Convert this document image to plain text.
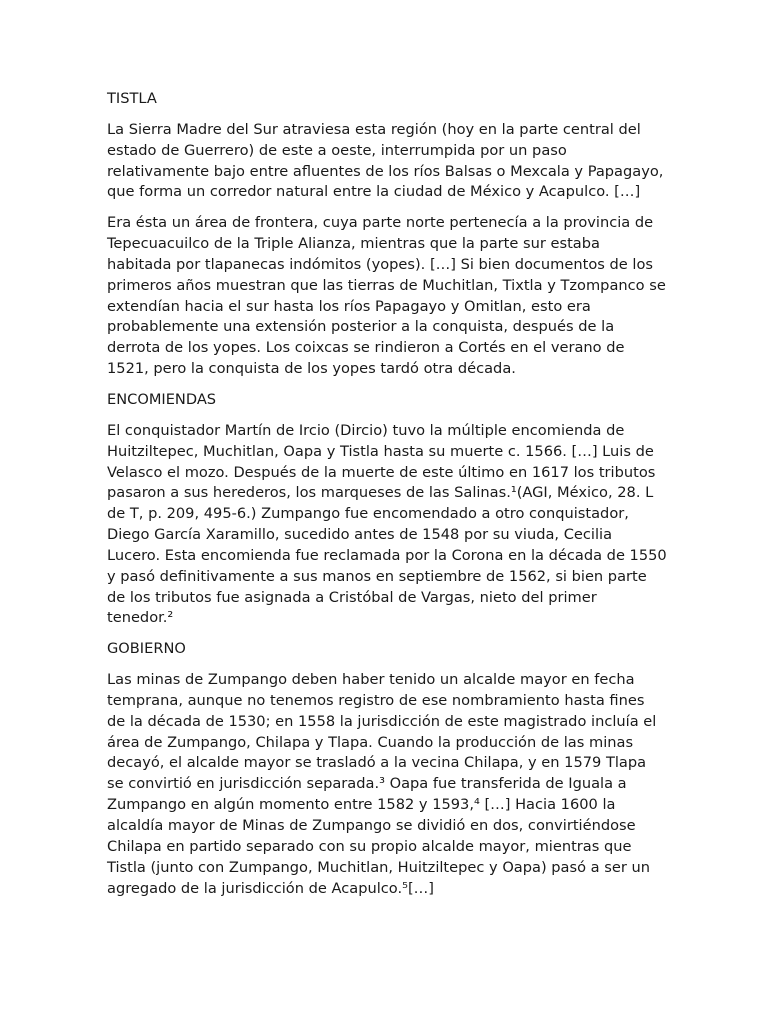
TISTLA

La Sierra Madre del Sur atraviesa esta región (hoy en la parte central del estado de Guerrero) de este a oeste, interrumpida por un paso relativamente bajo entre afluentes de los ríos Balsas o Mexcala y Papagayo, que forma un corredor natural entre la ciudad de México y Acapulco. […]

Era ésta un área de frontera, cuya parte norte pertenecía a la provincia de Tepecuacuilco de la Triple Alianza, mientras que la parte sur estaba habitada por tlapanecas indómitos (yopes). […] Si bien documentos de los primeros años muestran que las tierras de Muchitlan, Tixtla y Tzompanco se extendían hacia el sur hasta los ríos Papagayo y Omitlan, esto era probablemente una extensión posterior a la conquista, después de la derrota de los yopes. Los coixcas se rindieron a Cortés en el verano de 1521, pero la conquista de los yopes tardó otra década.

ENCOMIENDAS

El conquistador Martín de Ircio (Dircio) tuvo la múltiple encomienda de Huitziltepec, Muchitlan, Oapa y Tistla hasta su muerte c. 1566. […] Luis de Velasco el mozo. Después de la muerte de este último en 1617 los tributos pasaron a sus herederos, los marqueses de las Salinas.¹(AGI, México, 28. L de T, p. 209, 495-6.) Zumpango fue encomendado a otro conquistador, Diego García Xaramillo, sucedido antes de 1548 por su viuda, Cecilia Lucero. Esta encomienda fue reclamada por la Corona en la década de 1550 y pasó definitivamente a sus manos en septiembre de 1562, si bien parte de los tributos fue asignada a Cristóbal de Vargas, nieto del primer tenedor.²

GOBIERNO

Las minas de Zumpango deben haber tenido un alcalde mayor en fecha temprana, aunque no tenemos registro de ese nombramiento hasta fines de la década de 1530; en 1558 la jurisdicción de este magistrado incluía el área de Zumpango, Chilapa y Tlapa. Cuando la producción de las minas decayó, el alcalde mayor se trasladó a la vecina Chilapa, y en 1579 Tlapa se convirtió en jurisdicción separada.³ Oapa fue transferida de Iguala a Zumpango en algún momento entre 1582 y 1593,⁴ […] Hacia 1600 la alcaldía mayor de Minas de Zumpango se dividió en dos, convirtiéndose Chilapa en partido separado con su propio alcalde mayor, mientras que Tistla (junto con Zumpango, Muchitlan, Huitziltepec y Oapa) pasó a ser un agregado de la jurisdicción de Acapulco.⁵[…]
